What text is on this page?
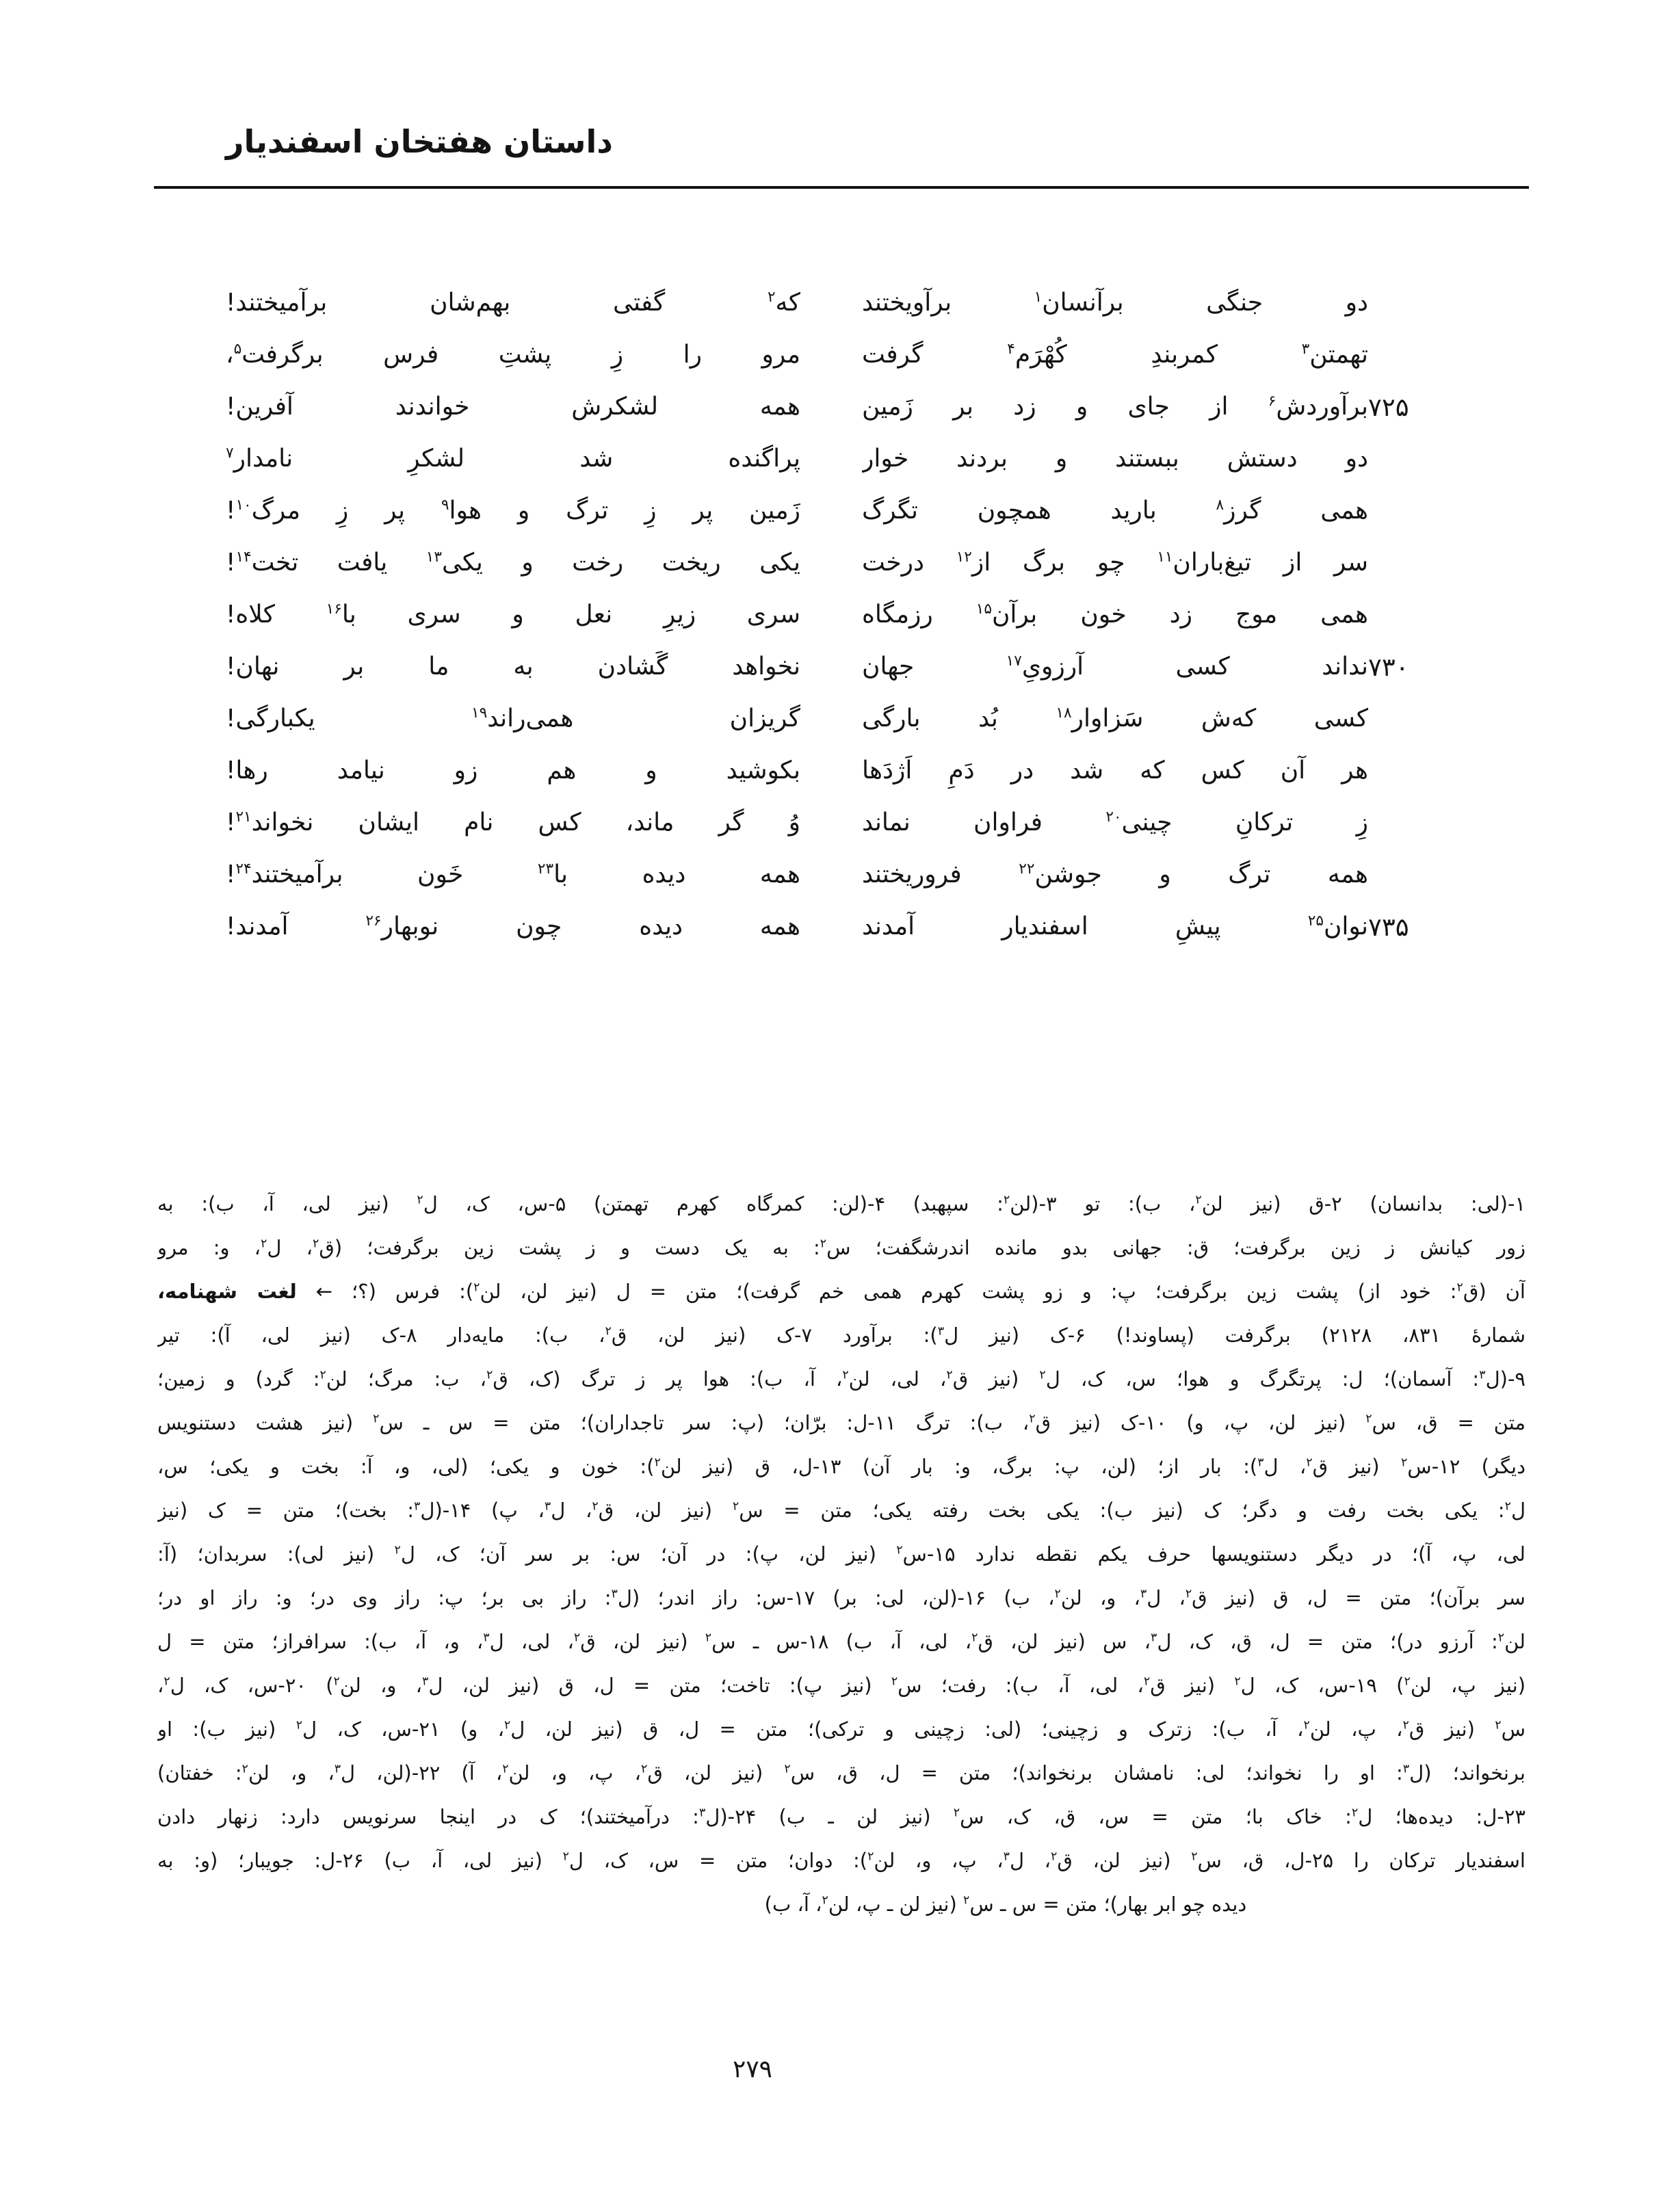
داستان هفتخان اسفندیار
دو جنگی برآنسان$^۱$ برآویختند
که$^۲$ گفتی بهم‌شان برآمیختند!
تهمتن$^۳$ کمربندِ کُهْرَم$^۴$ گرفت
مرو را زِ پشتِ فرس برگرفت$^۵$،
۷۲۵
برآوردش$^۶$ از جای و زد بر زَمین
همه لشکرش خواندند آفرین!
دو دستش ببستند و بردند خوار
پراگنده شد لشکرِ نامدار$^۷$
همی گرز$^۸$ بارید همچون تگرگ
زَمین پر زِ ترگ و هوا$^۹$ پر زِ مرگ$^{۱۰}$!
سر از تیغ‌باران$^{۱۱}$ چو برگ از$^{۱۲}$ درخت
یکی ریخت رخت و یکی$^{۱۳}$ یافت تخت$^{۱۴}$!
همی موج زد خون برآن$^{۱۵}$ رزمگاه
سری زیرِ نعل و سری با$^{۱۶}$ کلاه!
۷۳۰
نداند کسی آرزویِ$^{۱۷}$ جهان
نخواهد گَشادن به ما بر نهان!
کسی که‌ش سَزاوار$^{۱۸}$ بُد بارگی
گریزان همی‌راند$^{۱۹}$ یکبارگی!
هر آن کس که شد در دَمِ اَژدَها
بکوشید و هم زو نیامد رها!
زِ ترکانِ چینی$^{۲۰}$ فراوان نماند
وُ گر ماند، کس نام ایشان نخواند$^{۲۱}$!
همه ترگ و جوشن$^{۲۲}$ فروریختند
همه دیده با$^{۲۳}$ خَون برآمیختند$^{۲۴}$!
۷۳۵
نوان$^{۲۵}$ پیشِ اسفندیار آمدند
همه دیده چون نوبهار$^{۲۶}$ آمدند!
۱-(لی: بدانسان) ۲-ق (نیز لن$^۲$، ب): تو ۳-(لن$^۲$: سپهبد) ۴-(لن: کمرگاه کهرم تهمتن) ۵-س، ک، ل$^۲$ (نیز لی، آ، ب): به
زور کیانش ز زین برگرفت؛ ق: جهانی بدو مانده اندرشگفت؛ س$^۲$: به یک دست و ز پشت زین برگرفت؛ (ق$^۲$، ل$^۲$، و: مرو
آن (ق$^۲$: خود از) پشت زین برگرفت؛ پ: و زو پشت کهرم همی خم گرفت)؛ متن = ل (نیز لن، لن$^۲$): فرس (؟؛ ← لغت شهنامه،
شمارهٔ ۸۳۱، ۲۱۲۸) برگرفت (پساوند!) ۶-ک (نیز ل$^۳$): برآورد ۷-ک (نیز لن، ق$^۲$، ب): مایه‌دار ۸-ک (نیز لی، آ): تیر
۹-(ل$^۳$: آسمان)؛ ل: پرتگرگ و هوا؛ س، ک، ل$^۲$ (نیز ق$^۲$، لی، لن$^۲$، آ، ب): هوا پر ز ترگ (ک، ق$^۲$، ب: مرگ؛ لن$^۲$: گرد) و زمین؛
متن = ق، س$^۲$ (نیز لن، پ، و) ۱۰-ک (نیز ق$^۲$، ب): ترگ ۱۱-ل: برّان؛ (پ: سر تاجداران)؛ متن = س ـ س$^۲$ (نیز هشت دستنویس
دیگر) ۱۲-س$^۲$ (نیز ق$^۲$، ل$^۳$): بار از؛ (لن، پ: برگ، و: بار آن) ۱۳-ل، ق (نیز لن$^۲$): خون و یکی؛ (لی، و، آ: بخت و یکی؛ س،
ل$^۲$: یکی بخت رفت و دگر؛ ک (نیز ب): یکی بخت رفته یکی؛ متن = س$^۲$ (نیز لن، ق$^۲$، ل$^۳$، پ) ۱۴-(ل$^۳$: بخت)؛ متن = ک (نیز
لی، پ، آ)؛ در دیگر دستنویسها حرف یکم نقطه ندارد ۱۵-س$^۲$ (نیز لن، پ): در آن؛ س: بر سر آن؛ ک، ل$^۲$ (نیز لی): سربدان؛ (آ:
سر برآن)؛ متن = ل، ق (نیز ق$^۲$، ل$^۳$، و، لن$^۲$، ب) ۱۶-(لن، لی: بر) ۱۷-س: راز اندر؛ (ل$^۳$: راز بی بر؛ پ: راز وی در؛ و: راز او در؛
لن$^۲$: آرزو در)؛ متن = ل، ق، ک، ل$^۳$، س (نیز لن، ق$^۲$، لی، آ، ب) ۱۸-س ـ س$^۲$ (نیز لن، ق$^۲$، لی، ل$^۳$، و، آ، ب): سرافراز؛ متن = ل
(نیز پ، لن$^۲$) ۱۹-س، ک، ل$^۲$ (نیز ق$^۲$، لی، آ، ب): رفت؛ س$^۲$ (نیز پ): تاخت؛ متن = ل، ق (نیز لن، ل$^۳$، و، لن$^۲$) ۲۰-س، ک، ل$^۲$،
س$^۲$ (نیز ق$^۲$، پ، لن$^۲$، آ، ب): زترک و زچینی؛ (لی: زچینی و ترکی)؛ متن = ل، ق (نیز لن، ل$^۲$، و) ۲۱-س، ک، ل$^۲$ (نیز ب): او
برنخواند؛ (ل$^۳$: او را نخواند؛ لی: نامشان برنخواند)؛ متن = ل، ق، س$^۲$ (نیز لن، ق$^۲$، پ، و، لن$^۲$، آ) ۲۲-(لن، ل$^۳$، و، لن$^۲$: خفتان)
۲۳-ل: دیده‌ها؛ ل$^۲$: خاک با؛ متن = س، ق، ک، س$^۲$ (نیز لن ـ ب) ۲۴-(ل$^۳$: درآمیختند)؛ ک در اینجا سرنویس دارد: زنهار دادن
اسفندیار ترکان را ۲۵-ل، ق، س$^۲$ (نیز لن، ق$^۲$، ل$^۳$، پ، و، لن$^۲$): دوان؛ متن = س، ک، ل$^۲$ (نیز لی، آ، ب) ۲۶-ل: جویبار؛ (و: به
دیده چو ابر بهار)؛ متن = س ـ س$^۲$ (نیز لن ـ پ، لن$^۲$، آ، ب)
۲۷۹
